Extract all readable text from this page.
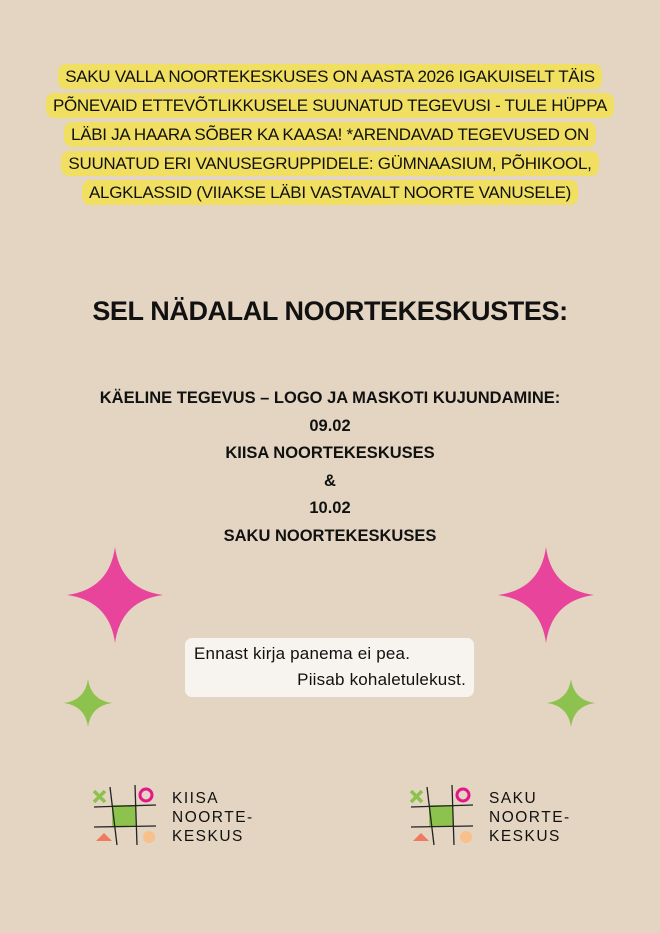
SAKU VALLA NOORTEKESKUSES ON AASTA 2026 IGAKUISELT TÄIS
PÕNEVAID ETTEVÕTLIKKUSELE SUUNATUD TEGEVUSI - TULE HÜPPA
LÄBI JA HAARA SÕBER KA KAASA! *ARENDAVAD TEGEVUSED ON
SUUNATUD ERI VANUSEGRUPPIDELE: GÜMNAASIUM, PÕHIKOOL,
ALGKLASSID (VIIAKSE LÄBI VASTAVALT NOORTE VANUSELE)
SEL NÄDALAL NOORTEKESKUSTES:
KÄELINE TEGEVUS – LOGO JA MASKOTI KUJUNDAMINE:
09.02
KIISA NOORTEKESKUSES
&
10.02
SAKU NOORTEKESKUSES
Ennast kirja panema ei pea.
Piisab kohaletulekust.
KIISA
NOORTE-
KESKUS
SAKU
NOORTE-
KESKUS
